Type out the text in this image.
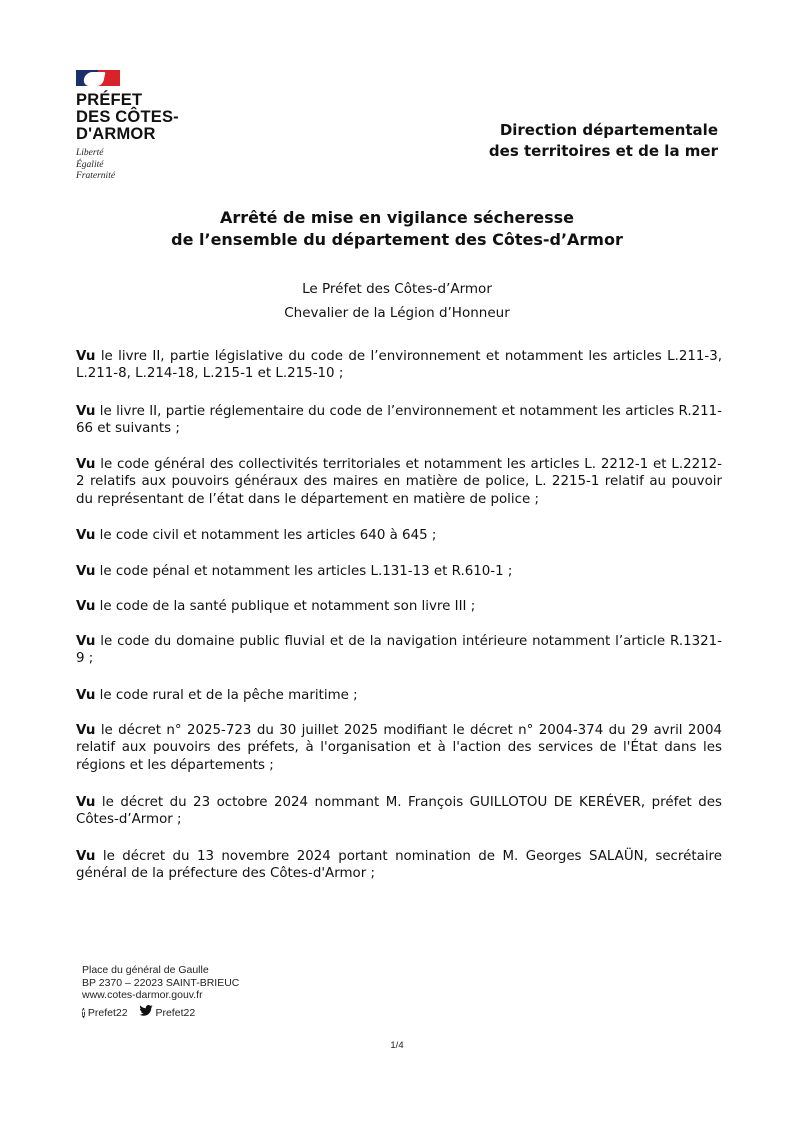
PRÉFET
DES CÔTES-
D'ARMOR
Liberté
Égalité
Fraternité
Direction départementale
des territoires et de la mer
Arrêté de mise en vigilance sécheresse
de l’ensemble du département des Côtes-d’Armor
Le Préfet des Côtes-d’Armor
Chevalier de la Légion d’Honneur
Vu le livre II, partie législative du code de l’environnement et notamment les articles L.211-3, L.211-8, L.214-18, L.215-1 et L.215-10 ;
Vu le livre II, partie réglementaire du code de l’environnement et notamment les articles R.211-66 et suivants ;
Vu le code général des collectivités territoriales et notamment les articles L. 2212-1 et L.2212-2 relatifs aux pouvoirs généraux des maires en matière de police, L. 2215-1 relatif au pouvoir du représentant de l’état dans le département en matière de police ;
Vu le code civil et notamment les articles 640 à 645 ;
Vu le code pénal et notamment les articles L.131-13 et R.610-1 ;
Vu le code de la santé publique et notamment son livre III ;
Vu le code du domaine public fluvial et de la navigation intérieure notamment l’article R.1321-9 ;
Vu le code rural et de la pêche maritime ;
Vu le décret n° 2025-723 du 30 juillet 2025 modifiant le décret n° 2004-374 du 29 avril 2004 relatif aux pouvoirs des préfets, à l'organisation et à l'action des services de l'État dans les régions et les départements ;
Vu le décret du 23 octobre 2024 nommant M. François GUILLOTOU DE KERÉVER, préfet des Côtes-d’Armor ;
Vu le décret du 13 novembre 2024 portant nomination de M. Georges SALAÜN, secrétaire général de la préfecture des Côtes-d'Armor ;
Place du général de Gaulle
BP 2370 – 22023 SAINT-BRIEUC
www.cotes-darmor.gouv.fr
f Prefet22	Prefet22
1/4
